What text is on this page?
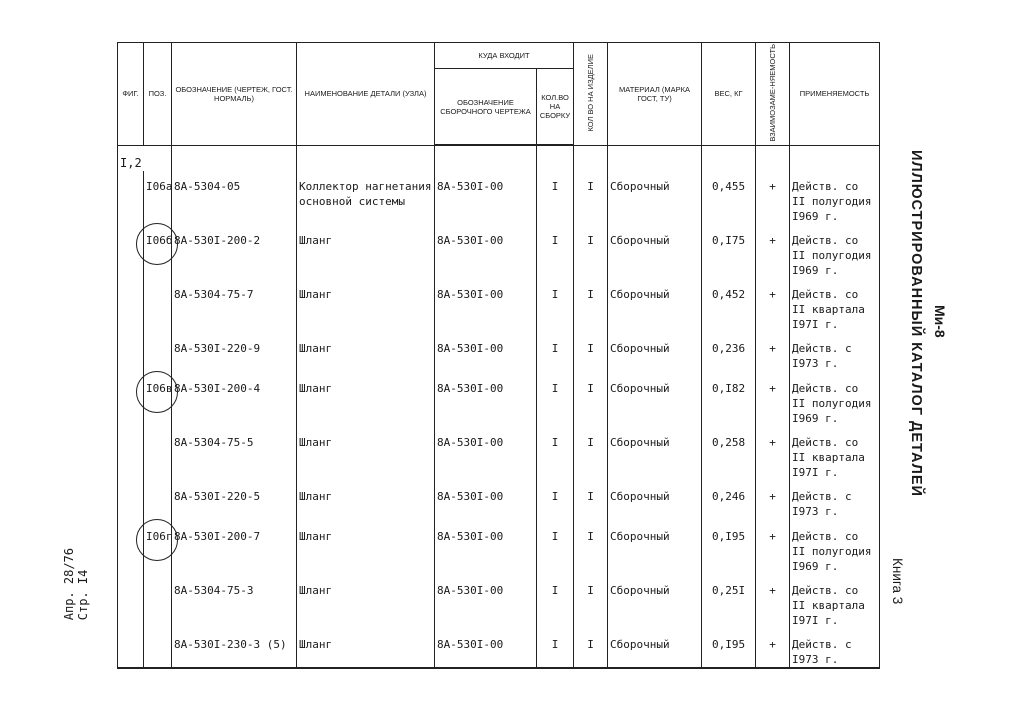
ФИГ.	ПОЗ.	ОБОЗНАЧЕНИЕ (ЧЕРТЕЖ, ГОСТ. НОРМАЛЬ)	НАИМЕНОВАНИЕ ДЕТАЛИ (УЗЛА)	КУДА ВХОДИТ		КОЛ ВО НА ИЗДЕЛИЕ	МАТЕРИАЛ (МАРКА ГОСТ, ТУ)	ВЕС, КГ	ВЗАИМОЗАМЕ-НЯЕМОСТЬ	ПРИМЕНЯЕМОСТЬ
				ОБОЗНАЧЕНИЕ СБОРОЧНОГО ЧЕРТЕЖА	КОЛ.ВО НА СБОРКУ					
I,2										
	I06а	8А-5304-05	Коллектор нагнетания основной системы	8А-530I-00	I	I	Сборочный	0,455	+	Действ. со II полугодия I969 г.
	I06б	8А-530I-200-2	Шланг	8А-530I-00	I	I	Сборочный	0,I75	+	Действ. со II полугодия I969 г.
		8А-5304-75-7	Шланг	8А-530I-00	I	I	Сборочный	0,452	+	Действ. со II квартала I97I г.
		8А-530I-220-9	Шланг	8А-530I-00	I	I	Сборочный	0,236	+	Действ. с I973 г.
	I06в	8А-530I-200-4	Шланг	8А-530I-00	I	I	Сборочный	0,I82	+	Действ. со II полугодия I969 г.
		8А-5304-75-5	Шланг	8А-530I-00	I	I	Сборочный	0,258	+	Действ. со II квартала I97I г.
		8А-530I-220-5	Шланг	8А-530I-00	I	I	Сборочный	0,246	+	Действ. с I973 г.
	I06г	8А-530I-200-7	Шланг	8А-530I-00	I	I	Сборочный	0,I95	+	Действ. со II полугодия I969 г.
		8А-5304-75-3	Шланг	8А-530I-00	I	I	Сборочный	0,25I	+	Действ. со II квартала I97I г.
		8А-530I-230-3 (5)	Шланг	8А-530I-00	I	I	Сборочный	0,I95	+	Действ. с I973 г.
ИЛЛЮСТРИРОВАННЫЙ КАТАЛОГ ДЕТАЛЕЙ Ми-8
Книга 3
Стр. I4
Апр. 28/76
